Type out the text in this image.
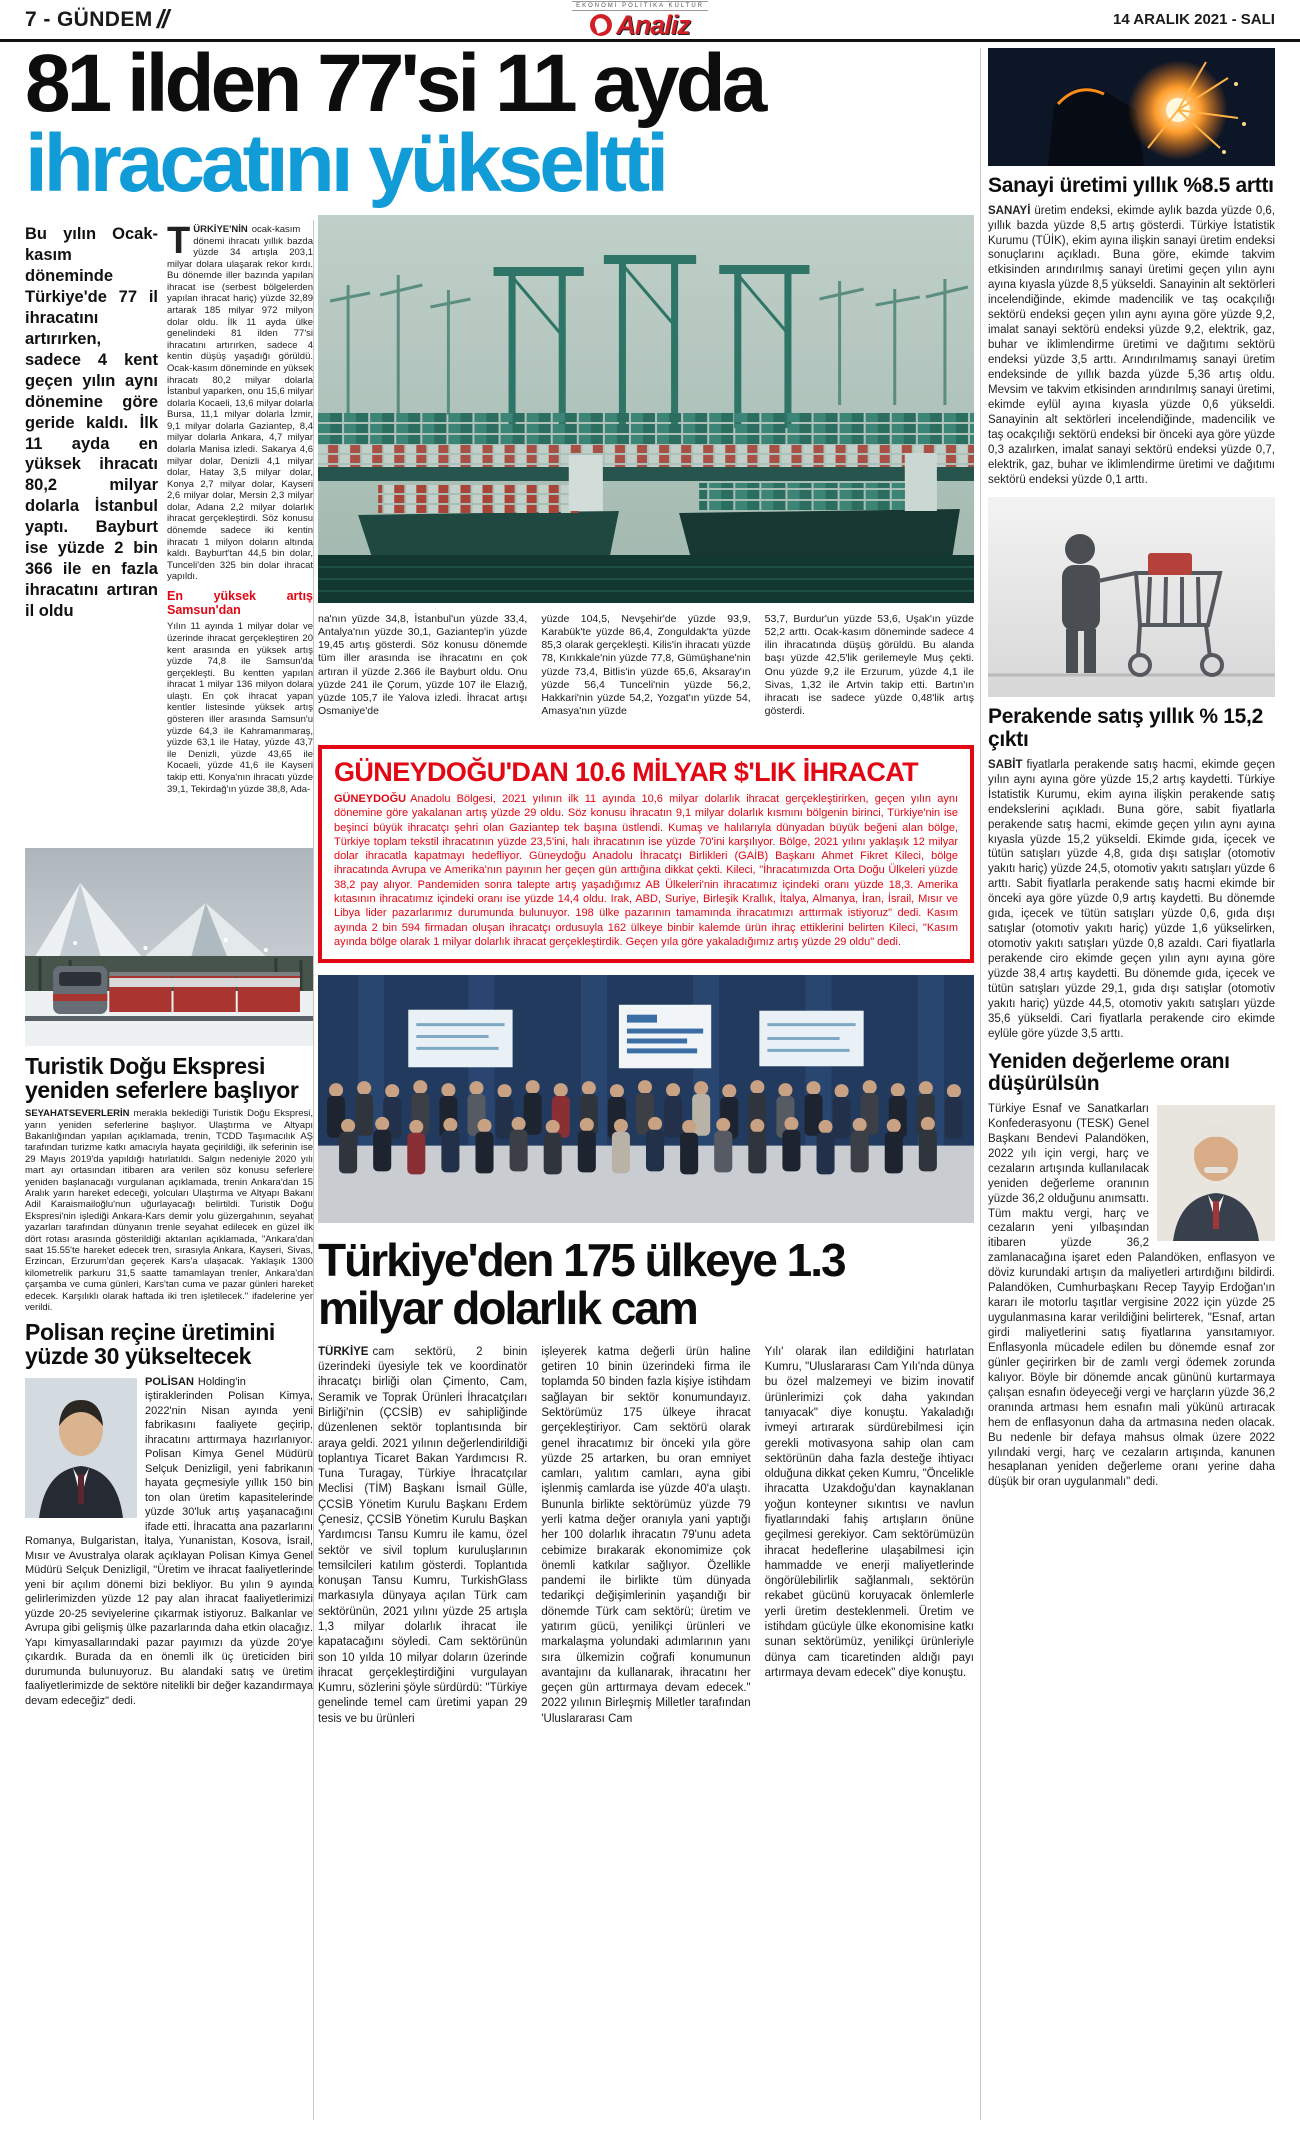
7 - GÜNDEM //	EKONOMİ POLİTİKA KÜLTÜR
Analiz	14 ARALIK 2021 - SALI
81 ilden 77'si 11 ayda
ihracatını yükseltti
Bu yılın Ocak-kasım döneminde Türkiye'de 77 il ihracatını artırırken, sadece 4 kent geçen yılın aynı dönemine göre geride kaldı. İlk 11 ayda en yüksek ihracatı 80,2 milyar dolarla İstanbul yaptı. Bayburt ise yüzde 2 bin 366 ile en fazla ihracatını artıran il oldu

TÜRKİYE'NİN ocak-kasım dönemi ihracatı yıllık bazda yüzde 34 artışla 203,1 milyar dolara ulaşarak rekor kırdı. Bu dönemde iller bazında yapılan ihracat ise (serbest bölgelerden yapılan ihracat hariç) yüzde 32,89 artarak 185 milyar 972 milyon dolar oldu. İlk 11 ayda ülke genelindeki 81 ilden 77'si ihracatını artırırken, sadece 4 kentin düşüş yaşadığı görüldü. Ocak-kasım döneminde en yüksek ihracatı 80,2 milyar dolarla İstanbul yaparken, onu 15,6 milyar dolarla Kocaeli, 13,6 milyar dolarla Bursa, 11,1 milyar dolarla İzmir, 9,1 milyar dolarla Gaziantep, 8,4 milyar dolarla Ankara, 4,7 milyar dolarla Manisa izledi. Sakarya 4,6 milyar dolar, Denizli 4,1 milyar dolar, Hatay 3,5 milyar dolar, Konya 2,7 milyar dolar, Kayseri 2,6 milyar dolar, Mersin 2,3 milyar dolar, Adana 2,2 milyar dolarlık ihracat gerçekleştirdi. Söz konusu dönemde sadece iki kentin ihracatı 1 milyon doların altında kaldı. Bayburt'tan 44,5 bin dolar, Tunceli'den 325 bin dolar ihracat yapıldı.

En yüksek artış Samsun'dan

Yılın 11 ayında 1 milyar dolar ve üzerinde ihracat gerçekleştiren 20 kent arasında en yüksek artış yüzde 74,8 ile Samsun'da gerçekleşti. Bu kentten yapılan ihracat 1 milyar 136 milyon dolara ulaştı. En çok ihracat yapan kentler listesinde yüksek artış gösteren iller arasında Samsun'u yüzde 64,3 ile Kahramanmaraş, yüzde 63,1 ile Hatay, yüzde 43,7 ile Denizli, yüzde 43,65 ile Kocaeli, yüzde 41,6 ile Kayseri takip etti. Konya'nın ihracatı yüzde 39,1, Tekirdağ'ın yüzde 38,8, Ada-

Turistik Doğu Ekspresi yeniden seferlere başlıyor
SEYAHATSEVERLERİN merakla beklediği Turistik Doğu Ekspresi, yarın yeniden seferlerine başlıyor. Ulaştırma ve Altyapı Bakanlığından yapılan açıklamada, trenin, TCDD Taşımacılık AŞ tarafından turizme katkı amacıyla hayata geçirildiği, ilk seferinin ise 29 Mayıs 2019'da yapıldığı hatırlatıldı. Salgın nedeniyle 2020 yılı mart ayı ortasından itibaren ara verilen söz konusu seferlere yeniden başlanacağı vurgulanan açıklamada, trenin Ankara'dan 15 Aralık yarın hareket edeceği, yolcuları Ulaştırma ve Altyapı Bakanı Adil Karaismailoğlu'nun uğurlayacağı belirtildi. Turistik Doğu Ekspresi'nin işlediği Ankara-Kars demir yolu güzergahının, seyahat yazarları tarafından dünyanın trenle seyahat edilecek en güzel ilk dört rotası arasında gösterildiği aktarılan açıklamada, "Ankara'dan saat 15.55'te hareket edecek tren, sırasıyla Ankara, Kayseri, Sivas, Erzincan, Erzurum'dan geçerek Kars'a ulaşacak. Yaklaşık 1300 kilometrelik parkuru 31,5 saatte tamamlayan trenler, Ankara'dan çarşamba ve cuma günleri, Kars'tan cuma ve pazar günleri hareket edecek. Karşılıklı olarak haftada iki tren işletilecek." ifadelerine yer verildi.
Polisan reçine üretimini yüzde 30 yükseltecek
POLİSAN Holding'in iştiraklerinden Polisan Kimya, 2022'nin Nisan ayında yeni fabrikasını faaliyete geçirip, ihracatını arttırmaya hazırlanıyor. Polisan Kimya Genel Müdürü Selçuk Denizligil, yeni fabrikanın hayata geçmesiyle yıllık 150 bin ton olan üretim kapasitelerinde yüzde 30'luk artış yaşanacağını ifade etti. İhracatta ana pazarlarını Romanya, Bulgaristan, İtalya, Yunanistan, Kosova, İsrail, Mısır ve Avustralya olarak açıklayan Polisan Kimya Genel Müdürü Selçuk Denizligil, "Üretim ve ihracat faaliyetlerinde yeni bir açılım dönemi bizi bekliyor. Bu yılın 9 ayında gelirlerimizden yüzde 12 pay alan ihracat faaliyetlerimizi yüzde 20-25 seviyelerine çıkarmak istiyoruz. Balkanlar ve Avrupa gibi gelişmiş ülke pazarlarında daha etkin olacağız. Yapı kimyasallarındaki pazar payımızı da yüzde 20'ye çıkardık. Burada da en önemli ilk üç üreticiden biri durumunda bulunuyoruz. Bu alandaki satış ve üretim faaliyetlerimizde de sektöre nitelikli bir değer kazandırmaya devam edeceğiz" dedi.
na'nın yüzde 34,8, İstanbul'un yüzde 33,4, Antalya'nın yüzde 30,1, Gaziantep'in yüzde 19,45 artış gösterdi. Söz konusu dönemde tüm iller arasında ise ihracatını en çok artıran il yüzde 2.366 ile Bayburt oldu. Onu yüzde 241 ile Çorum, yüzde 107 ile Elazığ, yüzde 105,7 ile Yalova izledi. İhracat artışı Osmaniye'de
yüzde 104,5, Nevşehir'de yüzde 93,9, Karabük'te yüzde 86,4, Zonguldak'ta yüzde 85,3 olarak gerçekleşti. Kilis'in ihracatı yüzde 78, Kırıkkale'nin yüzde 77,8, Gümüşhane'nin yüzde 73,4, Bitlis'in yüzde 65,6, Aksaray'ın yüzde 56,4 Tunceli'nin yüzde 56,2, Hakkari'nin yüzde 54,2, Yozgat'ın yüzde 54, Amasya'nın yüzde
53,7, Burdur'un yüzde 53,6, Uşak'ın yüzde 52,2 arttı. Ocak-kasım döneminde sadece 4 ilin ihracatında düşüş görüldü. Bu alanda başı yüzde 42,5'lik gerilemeyle Muş çekti. Onu yüzde 9,2 ile Erzurum, yüzde 4,1 ile Sivas, 1,32 ile Artvin takip etti. Bartın'ın ihracatı ise sadece yüzde 0,48'lik artış gösterdi.
GÜNEYDOĞU'DAN 10.6 MİLYAR $'LIK İHRACAT

GÜNEYDOĞU Anadolu Bölgesi, 2021 yılının ilk 11 ayında 10,6 milyar dolarlık ihracat gerçekleştirirken, geçen yılın aynı dönemine göre yakalanan artış yüzde 29 oldu. Söz konusu ihracatın 9,1 milyar dolarlık kısmını bölgenin birinci, Türkiye'nin ise beşinci büyük ihracatçı şehri olan Gaziantep tek başına üstlendi. Kumaş ve halılarıyla dünyadan büyük beğeni alan bölge, Türkiye toplam tekstil ihracatının yüzde 23,5'ini, halı ihracatının ise yüzde 70'ini karşılıyor. Bölge, 2021 yılını yaklaşık 12 milyar dolar ihracatla kapatmayı hedefliyor. Güneydoğu Anadolu İhracatçı Birlikleri (GAİB) Başkanı Ahmet Fikret Kileci, bölge ihracatında Avrupa ve Amerika'nın payının her geçen gün arttığına dikkat çekti. Kileci, "İhracatımızda Orta Doğu Ülkeleri yüzde 38,2 pay alıyor. Pandemiden sonra talepte artış yaşadığımız AB Ülkeleri'nin ihracatımız içindeki oranı yüzde 18,3. Amerika kıtasının ihracatımız içindeki oranı ise yüzde 14,4 oldu. Irak, ABD, Suriye, Birleşik Krallık, İtalya, Almanya, İran, İsrail, Mısır ve Libya lider pazarlarımız durumunda bulunuyor. 198 ülke pazarının tamamında ihracatımızı arttırmak istiyoruz" dedi. Kasım ayında 2 bin 594 firmadan oluşan ihracatçı ordusuyla 162 ülkeye binbir kalemde ürün ihraç ettiklerini belirten Kileci, "Kasım ayında bölge olarak 1 milyar dolarlık ihracat gerçekleştirdik. Geçen yıla göre yakaladığımız artış yüzde 29 oldu" dedi.

Türkiye'den 175 ülkeye 1.3 milyar dolarlık cam
TÜRKİYE cam sektörü, 2 binin üzerindeki üyesiyle tek ve koordinatör ihracatçı birliği olan Çimento, Cam, Seramik ve Toprak Ürünleri İhracatçıları Birliği'nin (ÇCSİB) ev sahipliğinde düzenlenen sektör toplantısında bir araya geldi. 2021 yılının değerlendirildiği toplantıya Ticaret Bakan Yardımcısı R. Tuna Turagay, Türkiye İhracatçılar Meclisi (TİM) Başkanı İsmail Gülle, ÇCSİB Yönetim Kurulu Başkanı Erdem Çenesiz, ÇCSİB Yönetim Kurulu Başkan Yardımcısı Tansu Kumru ile kamu, özel sektör ve sivil toplum kuruluşlarının temsilcileri katılım gösterdi. Toplantıda konuşan Tansu Kumru, TurkishGlass markasıyla dünyaya açılan Türk cam sektörünün, 2021 yılını yüzde 25 artışla 1,3 milyar dolarlık ihracat ile kapatacağını söyledi. Cam sektörünün son 10 yılda 10 milyar doların üzerinde ihracat gerçekleştirdiğini vurgulayan Kumru, sözlerini şöyle sürdürdü: "Türkiye genelinde temel cam üretimi yapan 29 tesis ve bu ürünleri
işleyerek katma değerli ürün haline getiren 10 binin üzerindeki firma ile toplamda 50 binden fazla kişiye istihdam sağlayan bir sektör konumundayız. Sektörümüz 175 ülkeye ihracat gerçekleştiriyor. Cam sektörü olarak genel ihracatımız bir önceki yıla göre yüzde 25 artarken, bu oran emniyet camları, yalıtım camları, ayna gibi işlenmiş camlarda ise yüzde 40'a ulaştı. Bununla birlikte sektörümüz yüzde 79 yerli katma değer oranıyla yani yaptığı her 100 dolarlık ihracatın 79'unu adeta cebimize bırakarak ekonomimize çok önemli katkılar sağlıyor. Özellikle pandemi ile birlikte tüm dünyada tedarikçi değişimlerinin yaşandığı bir dönemde Türk cam sektörü; üretim ve yatırım gücü, yenilikçi ürünleri ve markalaşma yolundaki adımlarının yanı sıra ülkemizin coğrafi konumunun avantajını da kullanarak, ihracatını her geçen gün arttırmaya devam edecek." 2022 yılının Birleşmiş Milletler tarafından 'Uluslararası Cam
Yılı' olarak ilan edildiğini hatırlatan Kumru, "Uluslararası Cam Yılı'nda dünya bu özel malzemeyi ve bizim inovatif ürünlerimizi çok daha yakından tanıyacak" diye konuştu. Yakaladığı ivmeyi artırarak sürdürebilmesi için gerekli motivasyona sahip olan cam sektörünün daha fazla desteğe ihtiyacı olduğuna dikkat çeken Kumru, "Öncelikle ihracatta Uzakdoğu'dan kaynaklanan yoğun konteyner sıkıntısı ve navlun fiyatlarındaki fahiş artışların önüne geçilmesi gerekiyor. Cam sektörümüzün ihracat hedeflerine ulaşabilmesi için hammadde ve enerji maliyetlerinde öngörülebilirlik sağlanmalı, sektörün rekabet gücünü koruyacak önlemlerle yerli üretim desteklenmeli. Üretim ve istihdam gücüyle ülke ekonomisine katkı sunan sektörümüz, yenilikçi ürünleriyle dünya cam ticaretinden aldığı payı artırmaya devam edecek" diye konuştu.
Sanayi üretimi yıllık %8.5 arttı
SANAYİ üretim endeksi, ekimde aylık bazda yüzde 0,6, yıllık bazda yüzde 8,5 artış gösterdi. Türkiye İstatistik Kurumu (TÜİK), ekim ayına ilişkin sanayi üretim endeksi sonuçlarını açıkladı. Buna göre, ekimde takvim etkisinden arındırılmış sanayi üretimi geçen yılın aynı ayına kıyasla yüzde 8,5 yükseldi. Sanayinin alt sektörleri incelendiğinde, ekimde madencilik ve taş ocakçılığı sektörü endeksi geçen yılın aynı ayına göre yüzde 9,2, imalat sanayi sektörü endeksi yüzde 9,2, elektrik, gaz, buhar ve iklimlendirme üretimi ve dağıtımı sektörü endeksi yüzde 3,5 arttı. Arındırılmamış sanayi üretim endeksinde de yıllık bazda yüzde 5,36 artış oldu. Mevsim ve takvim etkisinden arındırılmış sanayi üretimi, ekimde eylül ayına kıyasla yüzde 0,6 yükseldi. Sanayinin alt sektörleri incelendiğinde, madencilik ve taş ocakçılığı sektörü endeksi bir önceki aya göre yüzde 0,3 azalırken, imalat sanayi sektörü endeksi yüzde 0,7, elektrik, gaz, buhar ve iklimlendirme üretimi ve dağıtımı sektörü endeksi yüzde 0,1 arttı.
Perakende satış yıllık % 15,2 çıktı
SABİT fiyatlarla perakende satış hacmi, ekimde geçen yılın aynı ayına göre yüzde 15,2 artış kaydetti. Türkiye İstatistik Kurumu, ekim ayına ilişkin perakende satış endekslerini açıkladı. Buna göre, sabit fiyatlarla perakende satış hacmi, ekimde geçen yılın aynı ayına kıyasla yüzde 15,2 yükseldi. Ekimde gıda, içecek ve tütün satışları yüzde 4,8, gıda dışı satışlar (otomotiv yakıtı hariç) yüzde 24,5, otomotiv yakıtı satışları yüzde 6 arttı. Sabit fiyatlarla perakende satış hacmi ekimde bir önceki aya göre yüzde 0,9 artış kaydetti. Bu dönemde gıda, içecek ve tütün satışları yüzde 0,6, gıda dışı satışlar (otomotiv yakıtı hariç) yüzde 1,6 yükselirken, otomotiv yakıtı satışları yüzde 0,8 azaldı. Cari fiyatlarla perakende ciro ekimde geçen yılın aynı ayına göre yüzde 38,4 artış kaydetti. Bu dönemde gıda, içecek ve tütün satışları yüzde 29,1, gıda dışı satışlar (otomotiv yakıtı hariç) yüzde 44,5, otomotiv yakıtı satışları yüzde 35,6 yükseldi. Cari fiyatlarla perakende ciro ekimde eylüle göre yüzde 3,5 arttı.
Yeniden değerleme oranı düşürülsün
Türkiye Esnaf ve Sanatkarları Konfederasyonu (TESK) Genel Başkanı Bendevi Palandöken, 2022 yılı için vergi, harç ve cezaların artışında kullanılacak yeniden değerleme oranının yüzde 36,2 olduğunu anımsattı. Tüm maktu vergi, harç ve cezaların yeni yılbaşından itibaren yüzde 36,2 zamlanacağına işaret eden Palandöken, enflasyon ve döviz kurundaki artışın da maliyetleri artırdığını bildirdi. Palandöken, Cumhurbaşkanı Recep Tayyip Erdoğan'ın kararı ile motorlu taşıtlar vergisine 2022 için yüzde 25 uygulanmasına karar verildiğini belirterek, "Esnaf, artan girdi maliyetlerini satış fiyatlarına yansıtamıyor. Enflasyonla mücadele edilen bu dönemde esnaf zor günler geçirirken bir de zamlı vergi ödemek zorunda kalıyor. Böyle bir dönemde ancak gününü kurtarmaya çalışan esnafın ödeyeceği vergi ve harçların yüzde 36,2 oranında artması hem esnafın mali yükünü artıracak hem de enflasyonun daha da artmasına neden olacak. Bu nedenle bir defaya mahsus olmak üzere 2022 yılındaki vergi, harç ve cezaların artışında, kanunen hesaplanan yeniden değerleme oranı yerine daha düşük bir oran uygulanmalı" dedi.
